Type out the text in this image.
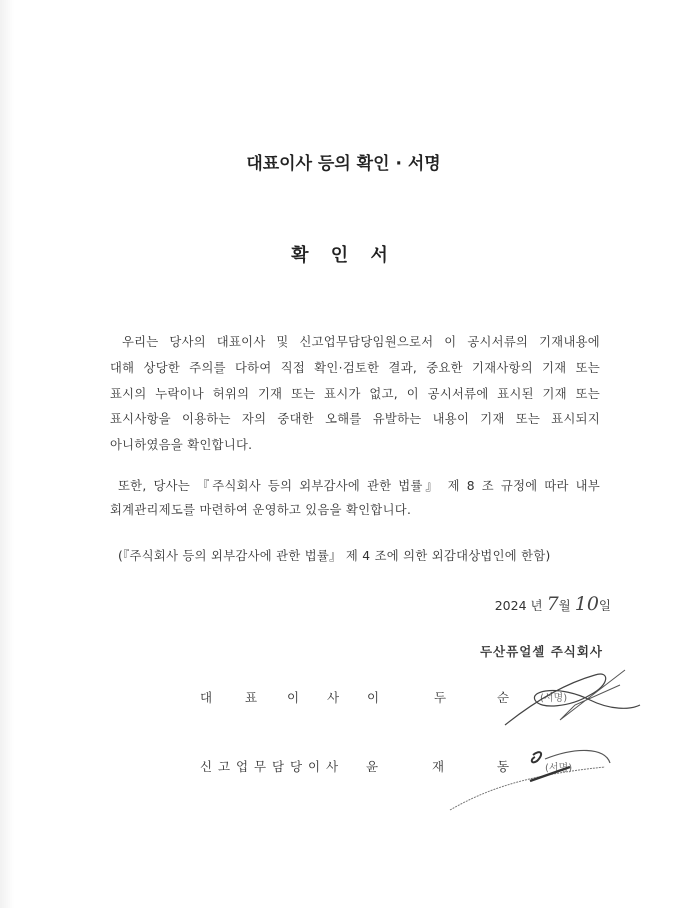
대표이사 등의 확인 · 서명
확 인 서
우리는 당사의 대표이사 및 신고업무담당임원으로서 이 공시서류의 기재내용에
대해 상당한 주의를 다하여 직접 확인·검토한 결과, 중요한 기재사항의 기재 또는
표시의 누락이나 허위의 기재 또는 표시가 없고, 이 공시서류에 표시된 기재 또는
표시사항을 이용하는 자의 중대한 오해를 유발하는 내용이 기재 또는 표시되지
아니하였음을 확인합니다.
또한, 당사는 『주식회사 등의 외부감사에 관한 법률』 제 8 조 규정에 따라 내부
회계관리제도를 마련하여 운영하고 있음을 확인합니다.
(『주식회사 등의 외부감사에 관한 법률』 제 4 조에 의한 외감대상법인에 한함)
2024 년 7월 10일
두산퓨얼셀 주식회사
대	표 이 사 이	두	순	(서명)
신 고 업 무 담 당 이 사 윤	재	동	(서명)
